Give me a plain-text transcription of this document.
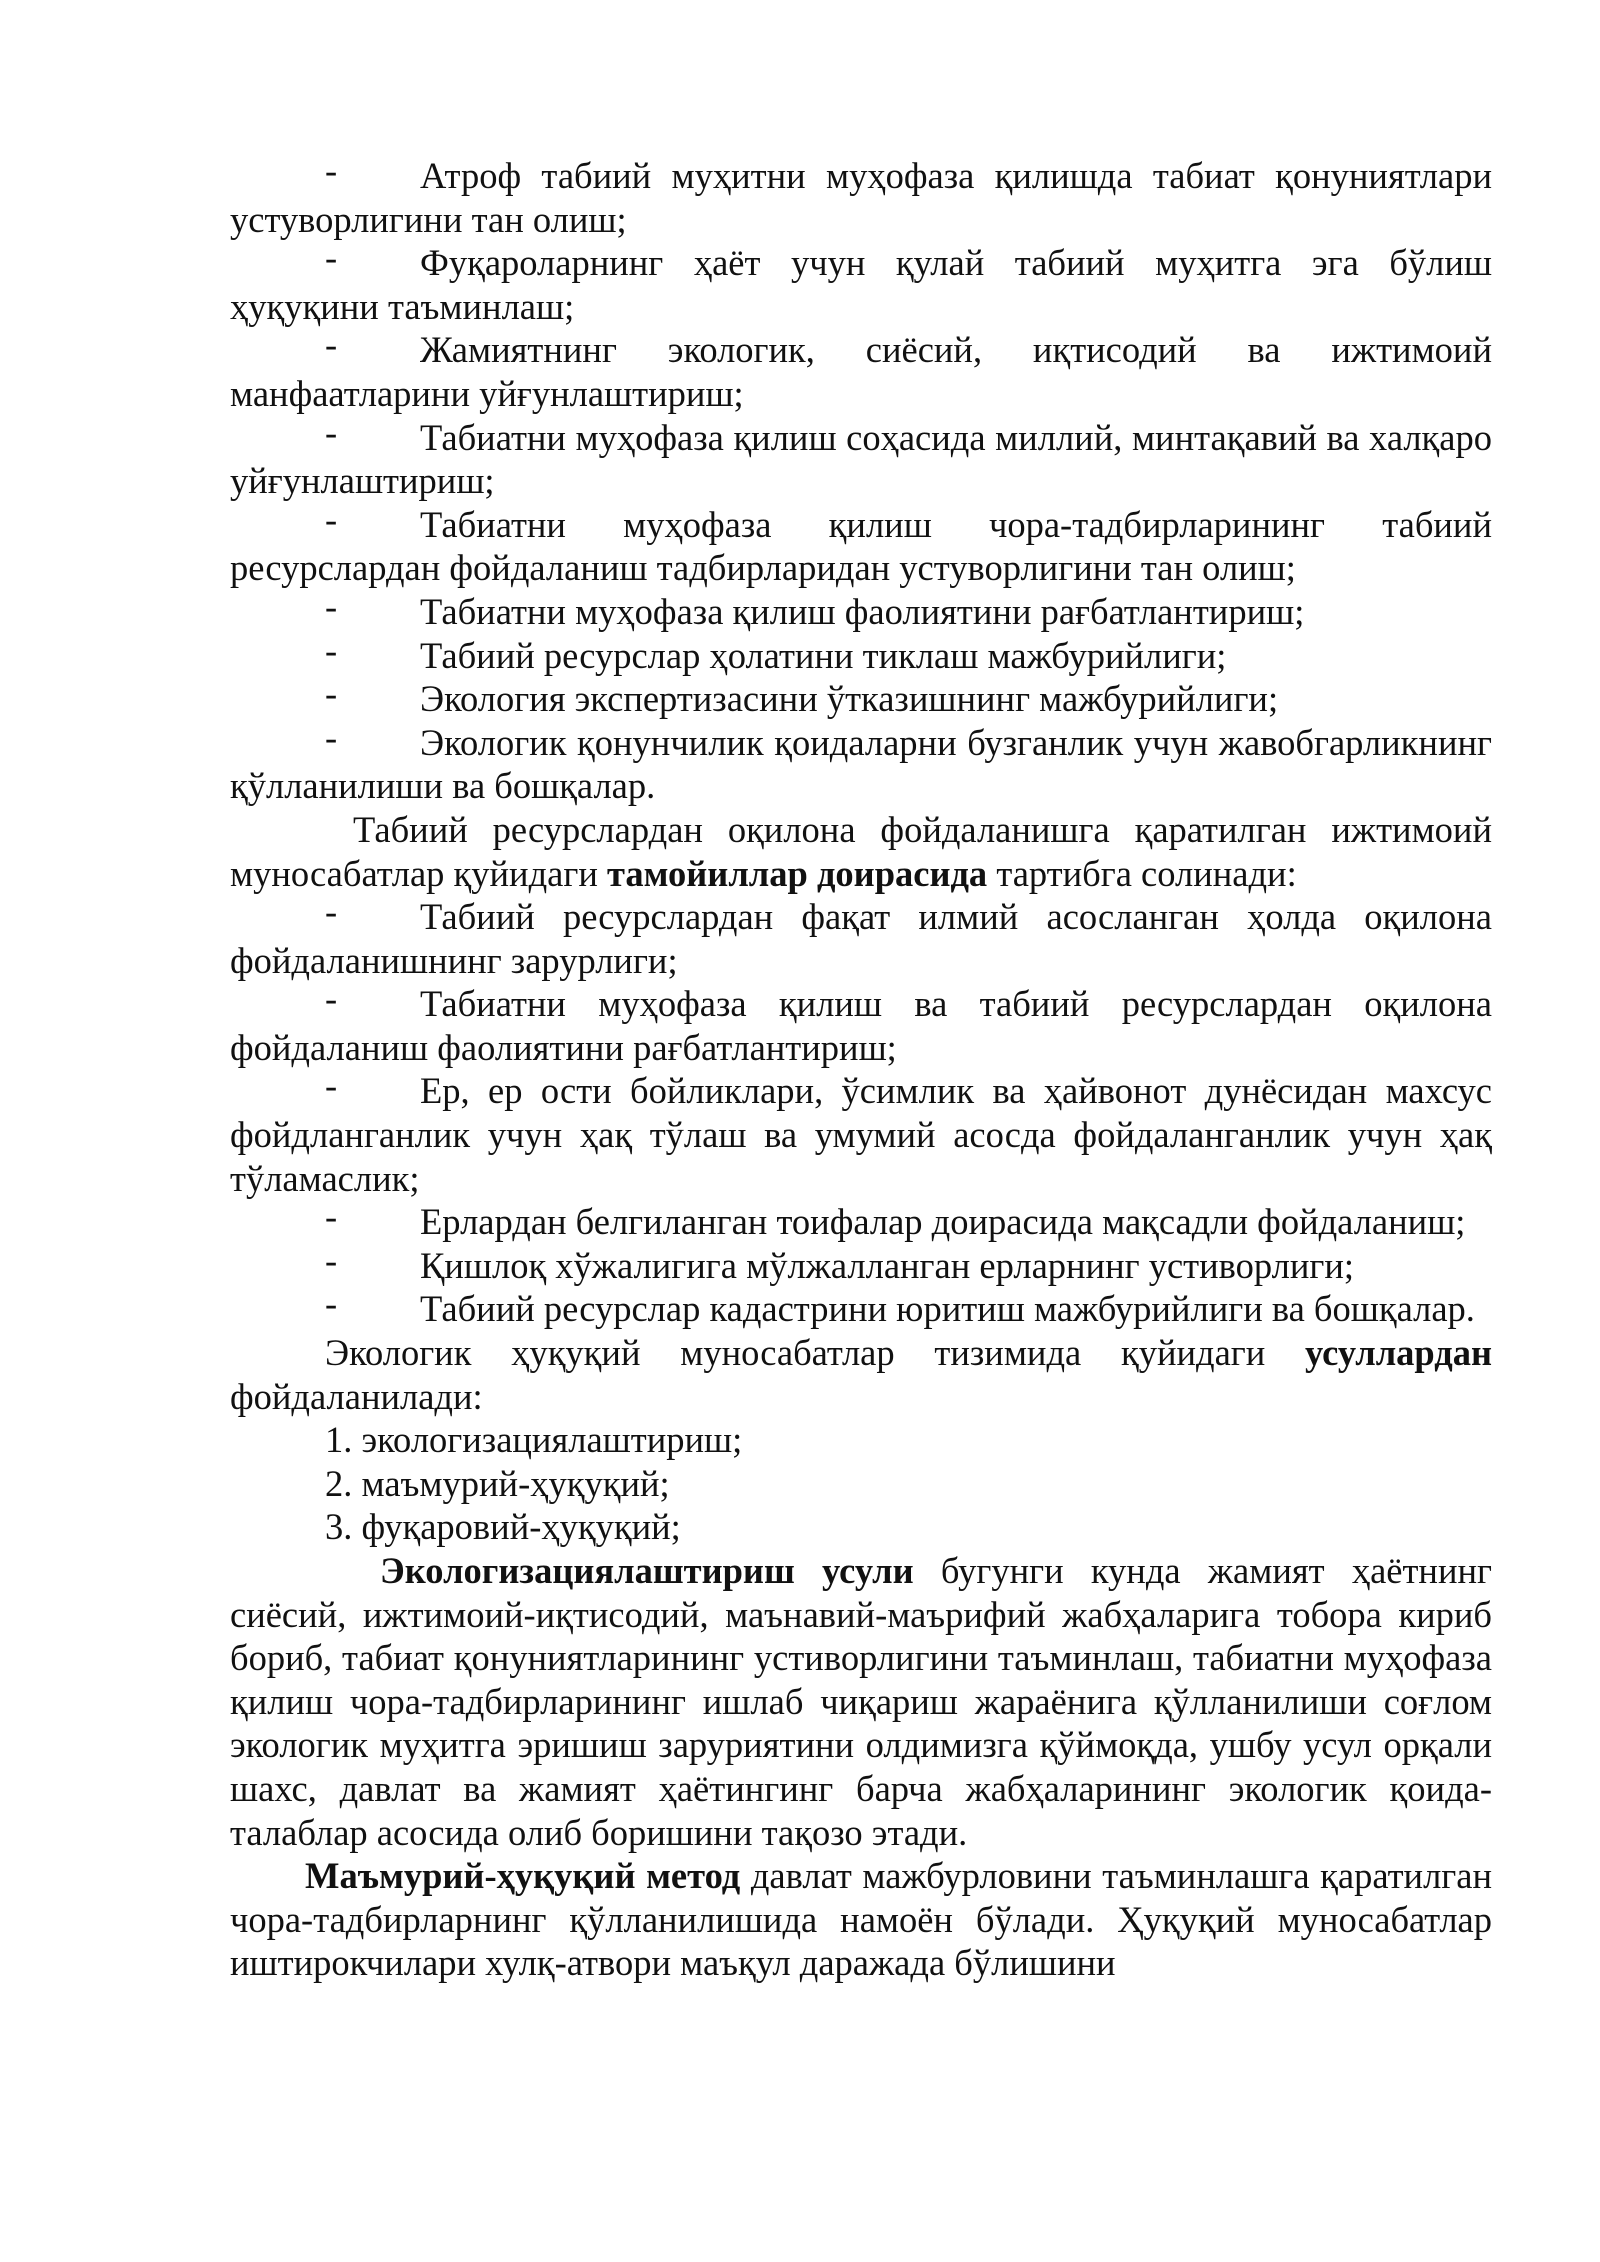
- Атроф табиий муҳитни муҳофаза қилишда табиат қонуниятлари устуворлигини тан олиш;

- Фуқароларнинг ҳаёт учун қулай табиий муҳитга эга бўлиш ҳуқуқини таъминлаш;

- Жамиятнинг экологик, сиёсий, иқтисодий ва ижтимоий манфаатларини уйғунлаштириш;

- Табиатни муҳофаза қилиш соҳасида миллий, минтақавий ва халқаро уйғунлаштириш;

- Табиатни муҳофаза қилиш чора-тадбирларининг табиий ресурслардан фойдаланиш тадбирларидан устуворлигини тан олиш;

- Табиатни муҳофаза қилиш фаолиятини рағбатлантириш;

- Табиий ресурслар ҳолатини тиклаш мажбурийлиги;

- Экология экспертизасини ўтказишнинг мажбурийлиги;

- Экологик қонунчилик қоидаларни бузганлик учун жавобгарликнинг қўлланилиши ва бошқалар.

Табиий ресурслардан оқилона фойдаланишга қаратилган ижтимоий муносабатлар қуйидаги тамойиллар доирасида тартибга солинади:

- Табиий ресурслардан фақат илмий асосланган ҳолда оқилона фойдаланишнинг зарурлиги;

- Табиатни муҳофаза қилиш ва табиий ресурслардан оқилона фойдаланиш фаолиятини рағбатлантириш;

- Ер, ер ости бойликлари, ўсимлик ва ҳайвонот дунёсидан махсус фойдланганлик учун ҳақ тўлаш ва умумий асосда фойдаланганлик учун ҳақ тўламаслик;

- Ерлардан белгиланган тоифалар доирасида мақсадли фойдаланиш;

- Қишлоқ хўжалигига мўлжалланган ерларнинг устиворлиги;

- Табиий ресурслар кадастрини юритиш мажбурийлиги ва бошқалар.

Экологик ҳуқуқий муносабатлар тизимида қуйидаги усуллардан фойдаланилади:

1. экологизациялаштириш;

2. маъмурий-ҳуқуқий;

3. фуқаровий-ҳуқуқий;

Экологизациялаштириш усули бугунги кунда жамият ҳаётнинг сиёсий, ижтимоий-иқтисодий, маънавий-маърифий жабҳаларига тобора кириб бориб, табиат қонуниятларининг устиворлигини таъминлаш, табиатни муҳофаза қилиш чора-тадбирларининг ишлаб чиқариш жараёнига қўлланилиши соғлом экологик муҳитга эришиш заруриятини олдимизга қўймоқда, ушбу усул орқали шахс, давлат ва жамият ҳаётингинг барча жабҳаларининг экологик қоида-талаблар асосида олиб боришини тақозо этади.

Маъмурий-ҳуқуқий метод давлат мажбурловини таъминлашга қаратилган чора-тадбирларнинг қўлланилишида намоён бўлади. Ҳуқуқий муносабатлар иштирокчилари хулқ-атвори маъқул даражада бўлишини
